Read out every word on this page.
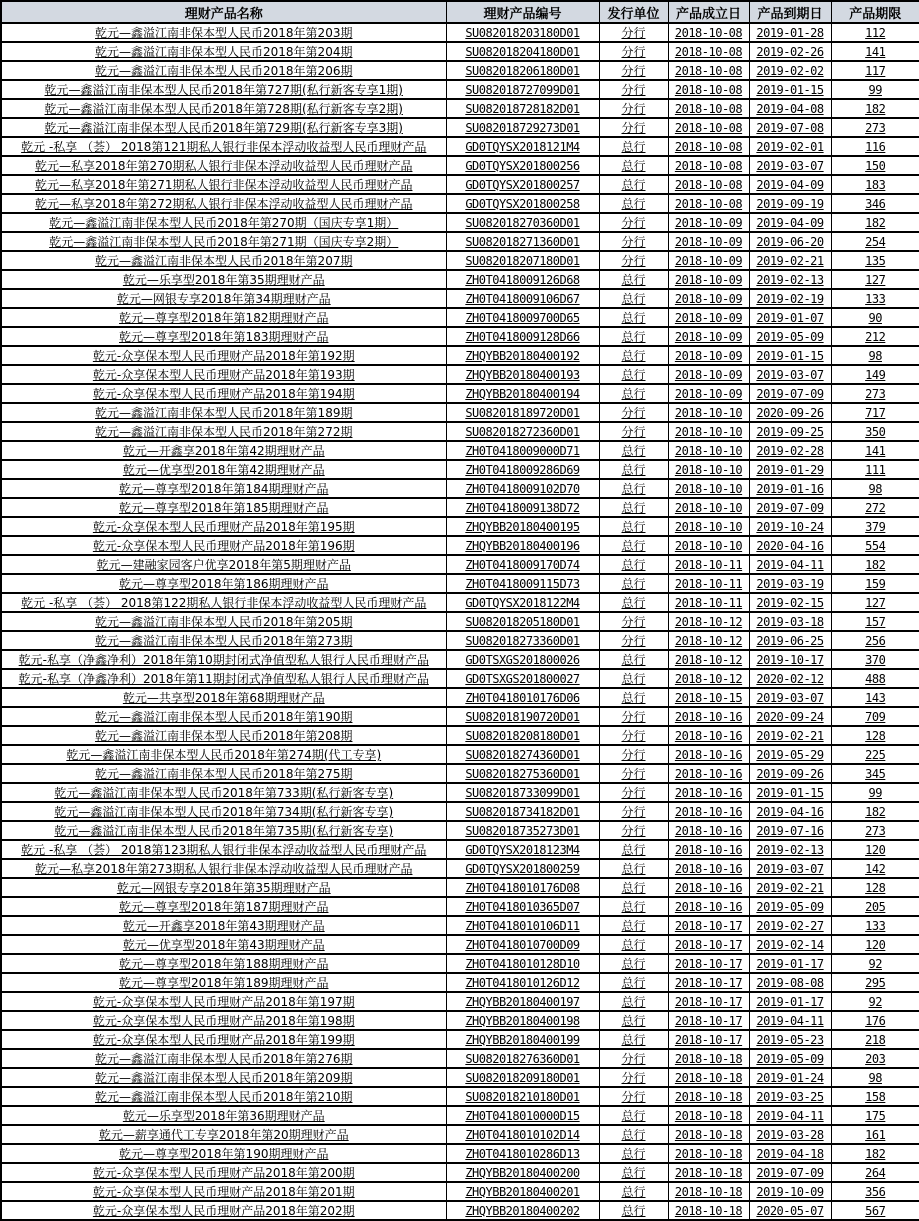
理财产品名称	理财产品编号	发行单位	产品成立日	产品到期日	产品期限
乾元—鑫溢江南非保本型人民币2018年第203期	SU082018203180D01	分行	2018-10-08	2019-01-28	112
乾元—鑫溢江南非保本型人民币2018年第204期	SU082018204180D01	分行	2018-10-08	2019-02-26	141
乾元—鑫溢江南非保本型人民币2018年第206期	SU082018206180D01	分行	2018-10-08	2019-02-02	117
乾元—鑫溢江南非保本型人民币2018年第727期(私行新客专享1期)	SU082018727099D01	分行	2018-10-08	2019-01-15	99
乾元—鑫溢江南非保本型人民币2018年第728期(私行新客专享2期)	SU082018728182D01	分行	2018-10-08	2019-04-08	182
乾元—鑫溢江南非保本型人民币2018年第729期(私行新客专享3期)	SU082018729273D01	分行	2018-10-08	2019-07-08	273
乾元 -私享 （荟） 2018第121期私人银行非保本浮动收益型人民币理财产品	GD0TQYSX2018121M4	总行	2018-10-08	2019-02-01	116
乾元—私享2018年第270期私人银行非保本浮动收益型人民币理财产品	GD0TQYSX201800256	总行	2018-10-08	2019-03-07	150
乾元—私享2018年第271期私人银行非保本浮动收益型人民币理财产品	GD0TQYSX201800257	总行	2018-10-08	2019-04-09	183
乾元—私享2018年第272期私人银行非保本浮动收益型人民币理财产品	GD0TQYSX201800258	总行	2018-10-08	2019-09-19	346
乾元—鑫溢江南非保本型人民币2018年第270期（国庆专享1期）	SU082018270360D01	分行	2018-10-09	2019-04-09	182
乾元—鑫溢江南非保本型人民币2018年第271期（国庆专享2期）	SU082018271360D01	分行	2018-10-09	2019-06-20	254
乾元—鑫溢江南非保本型人民币2018年第207期	SU082018207180D01	分行	2018-10-09	2019-02-21	135
乾元—乐享型2018年第35期理财产品	ZH0T0418009126D68	总行	2018-10-09	2019-02-13	127
乾元—网银专享2018年第34期理财产品	ZH0T0418009106D67	总行	2018-10-09	2019-02-19	133
乾元—尊享型2018年第182期理财产品	ZH0T0418009700D65	总行	2018-10-09	2019-01-07	90
乾元—尊享型2018年第183期理财产品	ZH0T0418009128D66	总行	2018-10-09	2019-05-09	212
乾元-众享保本型人民币理财产品2018年第192期	ZHQYBB20180400192	总行	2018-10-09	2019-01-15	98
乾元-众享保本型人民币理财产品2018年第193期	ZHQYBB20180400193	总行	2018-10-09	2019-03-07	149
乾元-众享保本型人民币理财产品2018年第194期	ZHQYBB20180400194	总行	2018-10-09	2019-07-09	273
乾元—鑫溢江南非保本型人民币2018年第189期	SU082018189720D01	分行	2018-10-10	2020-09-26	717
乾元—鑫溢江南非保本型人民币2018年第272期	SU082018272360D01	分行	2018-10-10	2019-09-25	350
乾元—开鑫享2018年第42期理财产品	ZH0T0418009000D71	总行	2018-10-10	2019-02-28	141
乾元—优享型2018年第42期理财产品	ZH0T0418009286D69	总行	2018-10-10	2019-01-29	111
乾元—尊享型2018年第184期理财产品	ZH0T0418009102D70	总行	2018-10-10	2019-01-16	98
乾元—尊享型2018年第185期理财产品	ZH0T0418009138D72	总行	2018-10-10	2019-07-09	272
乾元-众享保本型人民币理财产品2018年第195期	ZHQYBB20180400195	总行	2018-10-10	2019-10-24	379
乾元-众享保本型人民币理财产品2018年第196期	ZHQYBB20180400196	总行	2018-10-10	2020-04-16	554
乾元—建融家园客户优享2018年第5期理财产品	ZH0T0418009170D74	总行	2018-10-11	2019-04-11	182
乾元—尊享型2018年第186期理财产品	ZH0T0418009115D73	总行	2018-10-11	2019-03-19	159
乾元 -私享 （荟） 2018第122期私人银行非保本浮动收益型人民币理财产品	GD0TQYSX2018122M4	总行	2018-10-11	2019-02-15	127
乾元—鑫溢江南非保本型人民币2018年第205期	SU082018205180D01	分行	2018-10-12	2019-03-18	157
乾元—鑫溢江南非保本型人民币2018年第273期	SU082018273360D01	分行	2018-10-12	2019-06-25	256
乾元-私享（净鑫净利）2018年第10期封闭式净值型私人银行人民币理财产品	GD0TSXGS201800026	总行	2018-10-12	2019-10-17	370
乾元-私享（净鑫净利）2018年第11期封闭式净值型私人银行人民币理财产品	GD0TSXGS201800027	总行	2018-10-12	2020-02-12	488
乾元—共享型2018年第68期理财产品	ZH0T0418010176D06	总行	2018-10-15	2019-03-07	143
乾元—鑫溢江南非保本型人民币2018年第190期	SU082018190720D01	分行	2018-10-16	2020-09-24	709
乾元—鑫溢江南非保本型人民币2018年第208期	SU082018208180D01	分行	2018-10-16	2019-02-21	128
乾元—鑫溢江南非保本型人民币2018年第274期(代工专享)	SU082018274360D01	分行	2018-10-16	2019-05-29	225
乾元—鑫溢江南非保本型人民币2018年第275期	SU082018275360D01	分行	2018-10-16	2019-09-26	345
乾元—鑫溢江南非保本型人民币2018年第733期(私行新客专享)	SU082018733099D01	分行	2018-10-16	2019-01-15	99
乾元—鑫溢江南非保本型人民币2018年第734期(私行新客专享)	SU082018734182D01	分行	2018-10-16	2019-04-16	182
乾元—鑫溢江南非保本型人民币2018年第735期(私行新客专享)	SU082018735273D01	分行	2018-10-16	2019-07-16	273
乾元 -私享 （荟） 2018第123期私人银行非保本浮动收益型人民币理财产品	GD0TQYSX2018123M4	总行	2018-10-16	2019-02-13	120
乾元—私享2018年第273期私人银行非保本浮动收益型人民币理财产品	GD0TQYSX201800259	总行	2018-10-16	2019-03-07	142
乾元—网银专享2018年第35期理财产品	ZH0T0418010176D08	总行	2018-10-16	2019-02-21	128
乾元—尊享型2018年第187期理财产品	ZH0T0418010365D07	总行	2018-10-16	2019-05-09	205
乾元—开鑫享2018年第43期理财产品	ZH0T0418010106D11	总行	2018-10-17	2019-02-27	133
乾元—优享型2018年第43期理财产品	ZH0T0418010700D09	总行	2018-10-17	2019-02-14	120
乾元—尊享型2018年第188期理财产品	ZH0T0418010128D10	总行	2018-10-17	2019-01-17	92
乾元—尊享型2018年第189期理财产品	ZH0T0418010126D12	总行	2018-10-17	2019-08-08	295
乾元-众享保本型人民币理财产品2018年第197期	ZHQYBB20180400197	总行	2018-10-17	2019-01-17	92
乾元-众享保本型人民币理财产品2018年第198期	ZHQYBB20180400198	总行	2018-10-17	2019-04-11	176
乾元-众享保本型人民币理财产品2018年第199期	ZHQYBB20180400199	总行	2018-10-17	2019-05-23	218
乾元—鑫溢江南非保本型人民币2018年第276期	SU082018276360D01	分行	2018-10-18	2019-05-09	203
乾元—鑫溢江南非保本型人民币2018年第209期	SU082018209180D01	分行	2018-10-18	2019-01-24	98
乾元—鑫溢江南非保本型人民币2018年第210期	SU082018210180D01	分行	2018-10-18	2019-03-25	158
乾元—乐享型2018年第36期理财产品	ZH0T0418010000D15	总行	2018-10-18	2019-04-11	175
乾元—薪享通代工专享2018年第20期理财产品	ZH0T0418010102D14	总行	2018-10-18	2019-03-28	161
乾元—尊享型2018年第190期理财产品	ZH0T0418010286D13	总行	2018-10-18	2019-04-18	182
乾元-众享保本型人民币理财产品2018年第200期	ZHQYBB20180400200	总行	2018-10-18	2019-07-09	264
乾元-众享保本型人民币理财产品2018年第201期	ZHQYBB20180400201	总行	2018-10-18	2019-10-09	356
乾元-众享保本型人民币理财产品2018年第202期	ZHQYBB20180400202	总行	2018-10-18	2020-05-07	567
